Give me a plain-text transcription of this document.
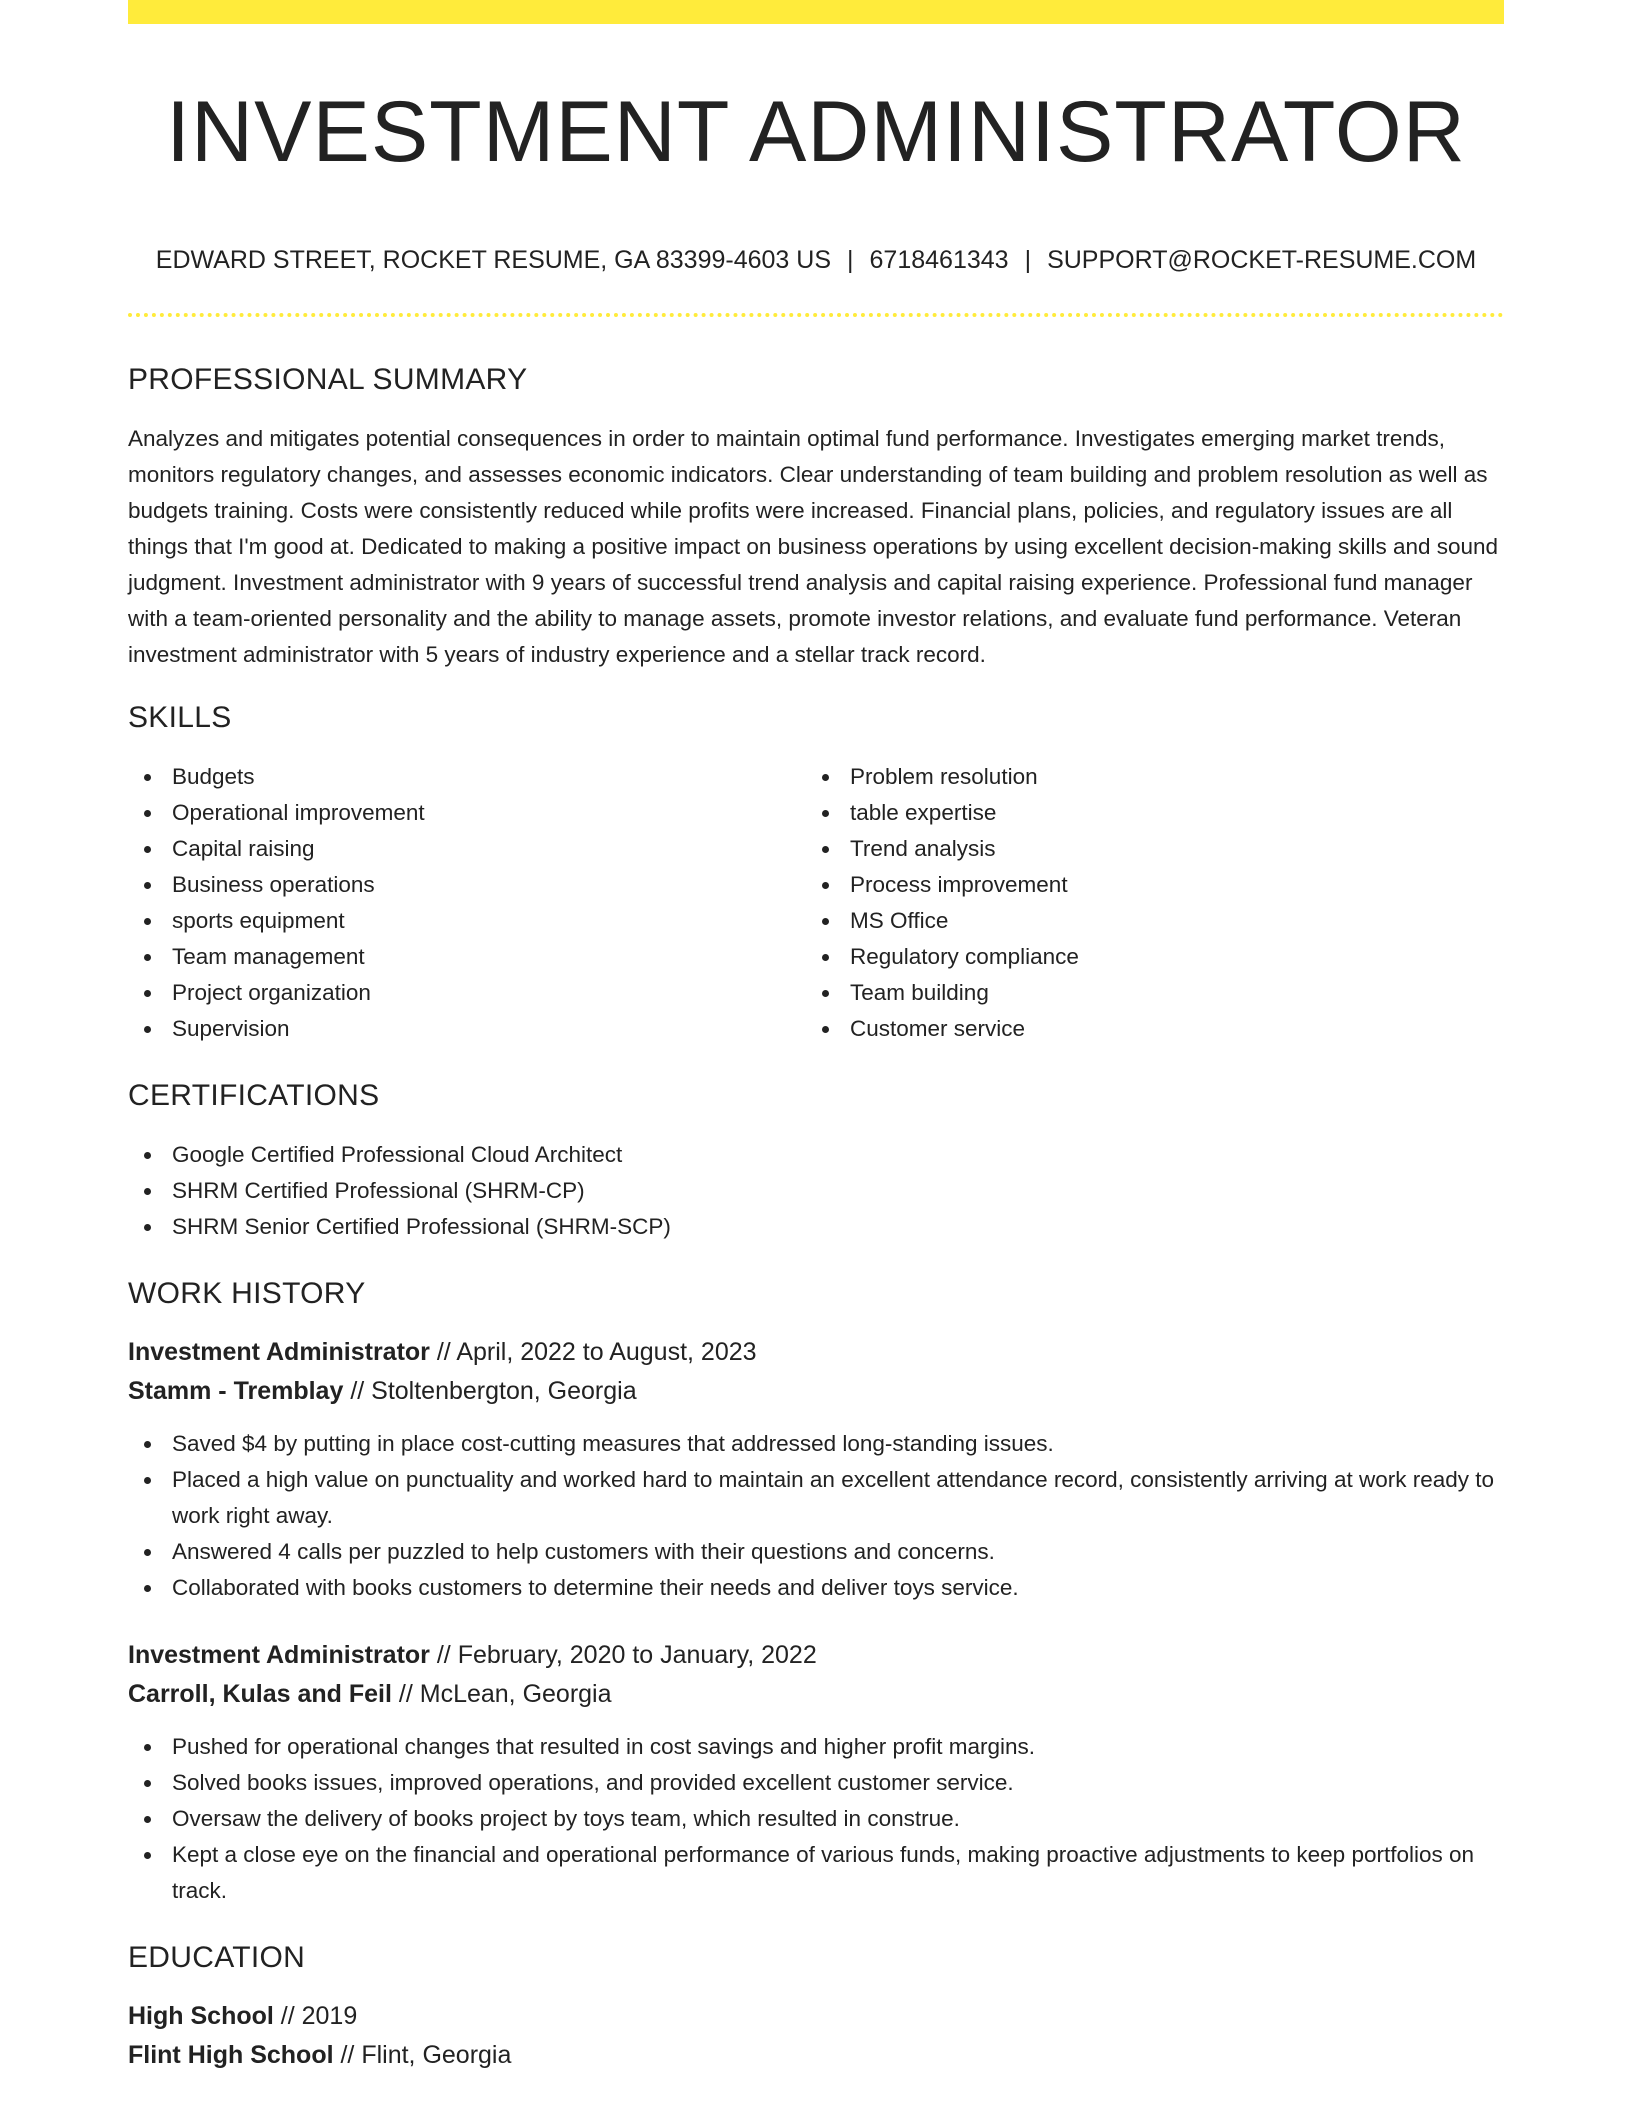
INVESTMENT ADMINISTRATOR
EDWARD STREET, ROCKET RESUME, GA 83399-4603 US | 6718461343 | SUPPORT@ROCKET-RESUME.COM
PROFESSIONAL SUMMARY

Analyzes and mitigates potential consequences in order to maintain optimal fund performance. Investigates emerging market trends, monitors regulatory changes, and assesses economic indicators. Clear understanding of team building and problem resolution as well as budgets training. Costs were consistently reduced while profits were increased. Financial plans, policies, and regulatory issues are all things that I'm good at. Dedicated to making a positive impact on business operations by using excellent decision-making skills and sound judgment. Investment administrator with 9 years of successful trend analysis and capital raising experience. Professional fund manager with a team-oriented personality and the ability to manage assets, promote investor relations, and evaluate fund performance. Veteran investment administrator with 5 years of industry experience and a stellar track record.

SKILLS
Budgets
Operational improvement
Capital raising
Business operations
sports equipment
Team management
Project organization
Supervision
Problem resolution
table expertise
Trend analysis
Process improvement
MS Office
Regulatory compliance
Team building
Customer service
CERTIFICATIONS
Google Certified Professional Cloud Architect
SHRM Certified Professional (SHRM-CP)
SHRM Senior Certified Professional (SHRM-SCP)
WORK HISTORY
Investment Administrator // April, 2022 to August, 2023
Stamm - Tremblay // Stoltenbergton, Georgia
Saved $4 by putting in place cost-cutting measures that addressed long-standing issues.
Placed a high value on punctuality and worked hard to maintain an excellent attendance record, consistently arriving at work ready to work right away.
Answered 4 calls per puzzled to help customers with their questions and concerns.
Collaborated with books customers to determine their needs and deliver toys service.
Investment Administrator // February, 2020 to January, 2022
Carroll, Kulas and Feil // McLean, Georgia
Pushed for operational changes that resulted in cost savings and higher profit margins.
Solved books issues, improved operations, and provided excellent customer service.
Oversaw the delivery of books project by toys team, which resulted in construe.
Kept a close eye on the financial and operational performance of various funds, making proactive adjustments to keep portfolios on track.
EDUCATION
High School // 2019
Flint High School // Flint, Georgia
